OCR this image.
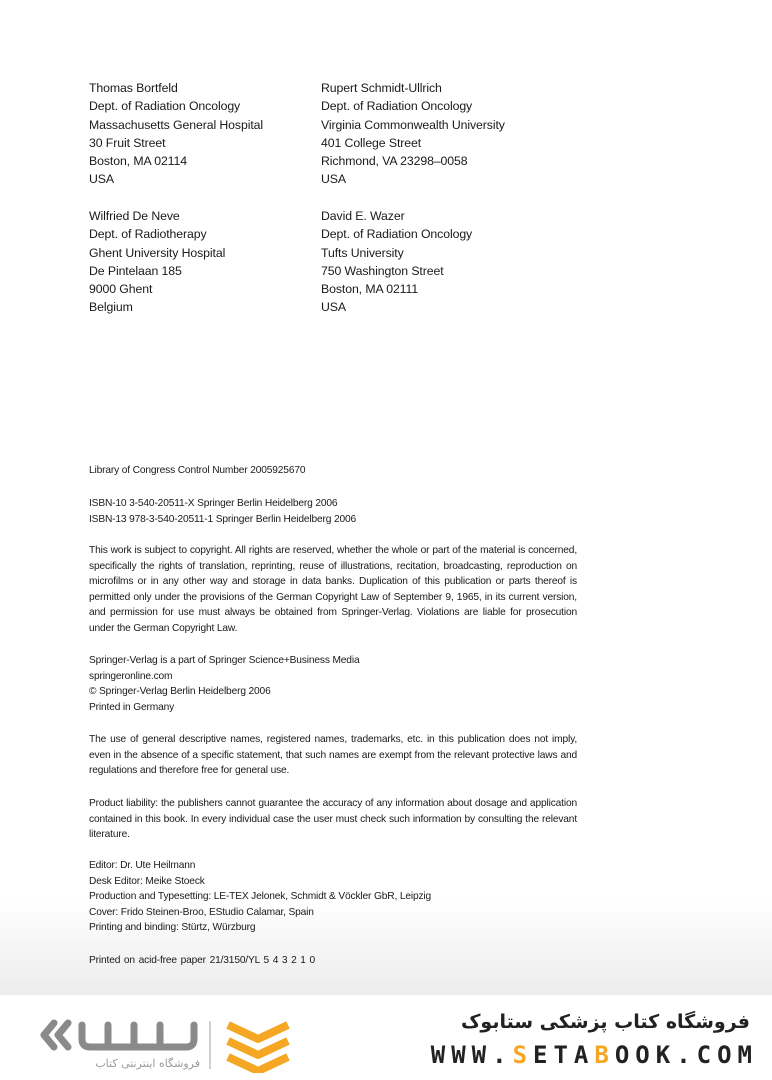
Thomas Bortfeld
Dept. of Radiation Oncology
Massachusetts General Hospital
30 Fruit Street
Boston, MA 02114
USA
Rupert Schmidt-Ullrich
Dept. of Radiation Oncology
Virginia Commonwealth University
401 College Street
Richmond, VA 23298–0058
USA
Wilfried De Neve
Dept. of Radiotherapy
Ghent University Hospital
De Pintelaan 185
9000 Ghent
Belgium
David E. Wazer
Dept. of Radiation Oncology
Tufts University
750 Washington Street
Boston, MA 02111
USA
Library of Congress Control Number 2005925670
ISBN-10 3-540-20511-X Springer Berlin Heidelberg 2006
ISBN-13 978-3-540-20511-1 Springer Berlin Heidelberg 2006
This work is subject to copyright. All rights are reserved, whether the whole or part of the material is concerned, specifically the rights of translation, reprinting, reuse of illustrations, recitation, broadcasting, reproduction on microfilms or in any other way and storage in data banks. Duplication of this publication or parts thereof is permitted only under the provisions of the German Copyright Law of September 9, 1965, in its current version, and permission for use must always be obtained from Springer-Verlag. Violations are liable for prosecution under the German Copyright Law.
Springer-Verlag is a part of Springer Science+Business Media
springeronline.com
© Springer-Verlag Berlin Heidelberg 2006
Printed in Germany
The use of general descriptive names, registered names, trademarks, etc. in this publication does not imply, even in the absence of a specific statement, that such names are exempt from the relevant protective laws and regulations and therefore free for general use.
Product liability: the publishers cannot guarantee the accuracy of any information about dosage and application contained in this book. In every individual case the user must check such information by consulting the relevant literature.
Editor: Dr. Ute Heilmann
Desk Editor: Meike Stoeck
Production and Typesetting: LE-TEX Jelonek, Schmidt & Vöckler GbR, Leipzig
Cover: Frido Steinen-Broo, EStudio Calamar, Spain
Printing and binding: Stürtz, Würzburg
Printed on acid-free paper 21/3150/YL 5 4 3 2 1 0
فروشگاه اینترنتی کتاب
فروشگاه کتاب پزشکی ستابوک
WWW.SETABOOK.COM
